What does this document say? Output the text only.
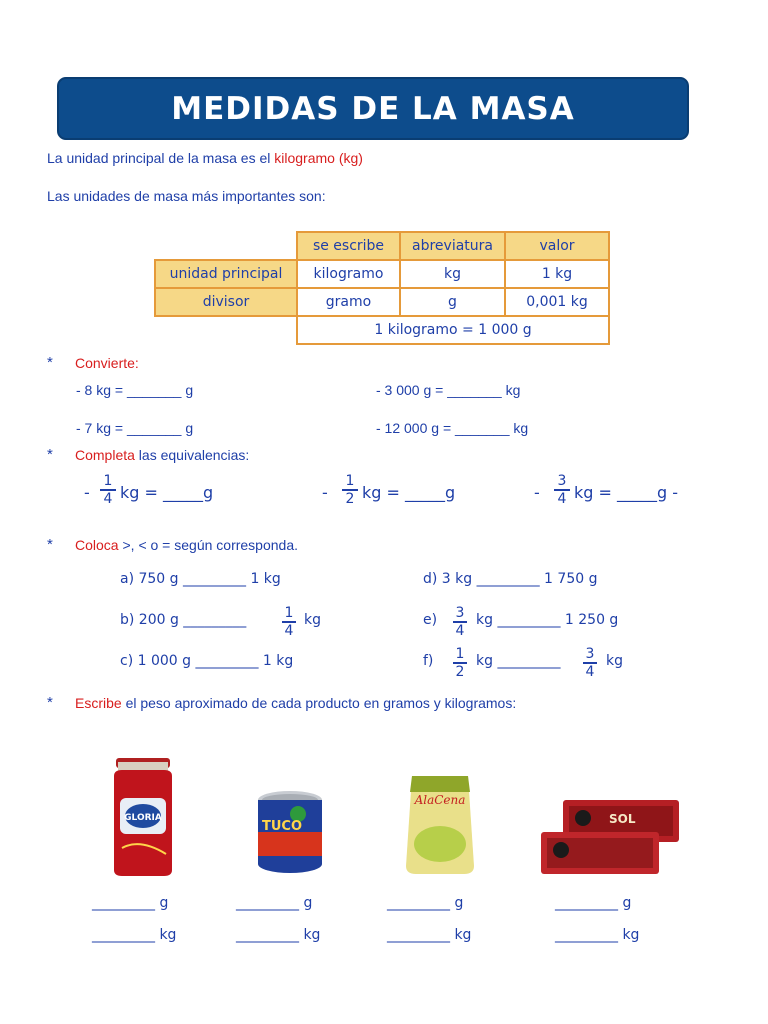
MEDIDAS DE LA MASA
La unidad principal de la masa es el kilogramo (kg)
Las unidades de masa más importantes son:
	se escribe	abreviatura	valor
unidad principal	kilogramo	kg	1 kg
divisor	gramo	g	0,001 kg
	1 kilogramo = 1 000 g		
* Convierte:
- 8 kg = _______ g	- 3 000 g = _______ kg
- 7 kg = _______ g	- 12 000 g = _______ kg
* Completa las equivalencias:
- $\frac{1}{4}$ kg = _____g	- $\frac{1}{2}$ kg = _____g	- $\frac{3}{4}$ kg = _____g -
* Coloca >, < o = según corresponda.
a) 750 g _________ 1 kg
b) 200 g _________	$\frac{1}{4}$ kg
c) 1 000 g _________ 1 kg
d) 3 kg _________ 1 750 g
$e) \frac{3}{4}$ kg _________ 1 250 g
$f) \frac{1}{2}$ kg _________ $\frac{3}{4}$ kg
* Escribe el peso aproximado de cada producto en gramos y kilogramos:
GLORIA
TUCO
AlaCena
SOL
_________ g
_________ kg
_________ g
_________ kg
_________ g
_________ kg
_________ g
_________ kg
